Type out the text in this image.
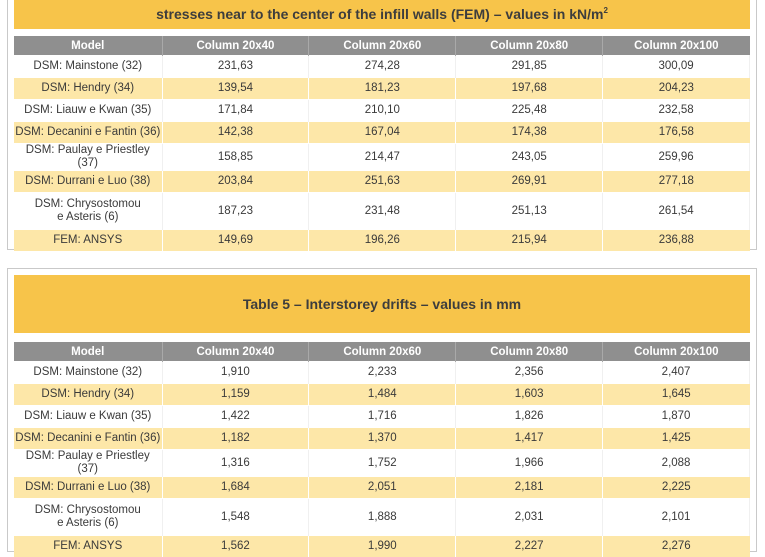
stresses near to the center of the infill walls (FEM) – values in $kN/m^2$
Model	Column 20x40	Column 20x60	Column 20x80	Column 20x100
DSM: Mainstone (32)	231,63	274,28	291,85	300,09
DSM: Hendry (34)	139,54	181,23	197,68	204,23
DSM: Liauw e Kwan (35)	171,84	210,10	225,48	232,58
DSM: Decanini e Fantin (36)	142,38	167,04	174,38	176,58
DSM: Paulay e Priestley (37)	158,85	214,47	243,05	259,96
DSM: Durrani e Luo (38)	203,84	251,63	269,91	277,18
DSM: Chrysostomou
e Asteris (6)	187,23	231,48	251,13	261,54
FEM: ANSYS	149,69	196,26	215,94	236,88
Table 5 – Interstorey drifts – values in mm
Model	Column 20x40	Column 20x60	Column 20x80	Column 20x100
DSM: Mainstone (32)	1,910	2,233	2,356	2,407
DSM: Hendry (34)	1,159	1,484	1,603	1,645
DSM: Liauw e Kwan (35)	1,422	1,716	1,826	1,870
DSM: Decanini e Fantin (36)	1,182	1,370	1,417	1,425
DSM: Paulay e Priestley (37)	1,316	1,752	1,966	2,088
DSM: Durrani e Luo (38)	1,684	2,051	2,181	2,225
DSM: Chrysostomou
e Asteris (6)	1,548	1,888	2,031	2,101
FEM: ANSYS	1,562	1,990	2,227	2,276
